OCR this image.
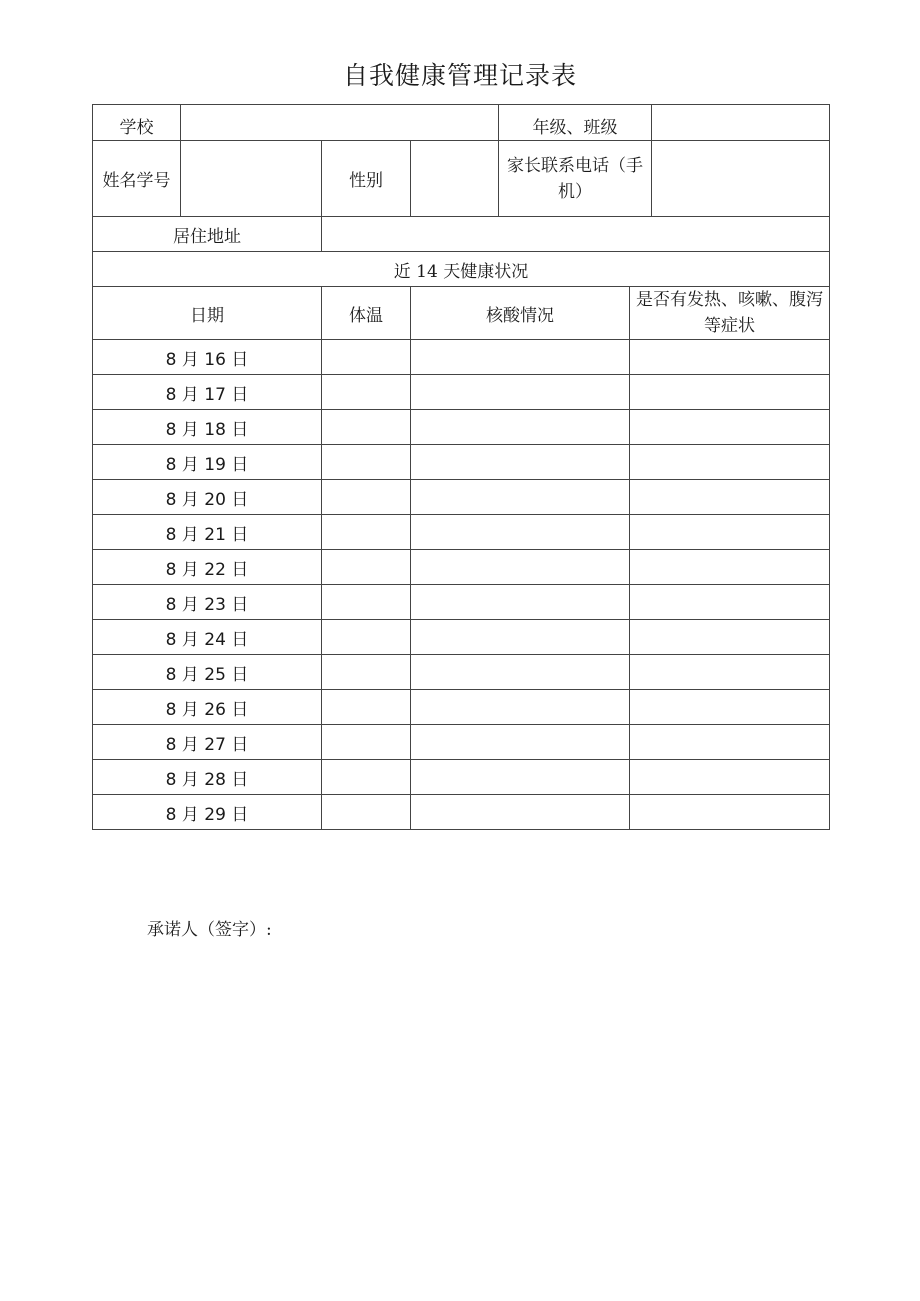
自我健康管理记录表
学校				年级、班级		
姓名学号		性别		家长联系电话（手机）		
居住地址						
近 14 天健康状况						
日期		体温	核酸情况		是否有发热、咳嗽、腹泻等症状	
8 月 16 日						
8 月 17 日						
8 月 18 日						
8 月 19 日						
8 月 20 日						
8 月 21 日						
8 月 22 日						
8 月 23 日						
8 月 24 日						
8 月 25 日						
8 月 26 日						
8 月 27 日						
8 月 28 日						
8 月 29 日						
承诺人（签字）:
